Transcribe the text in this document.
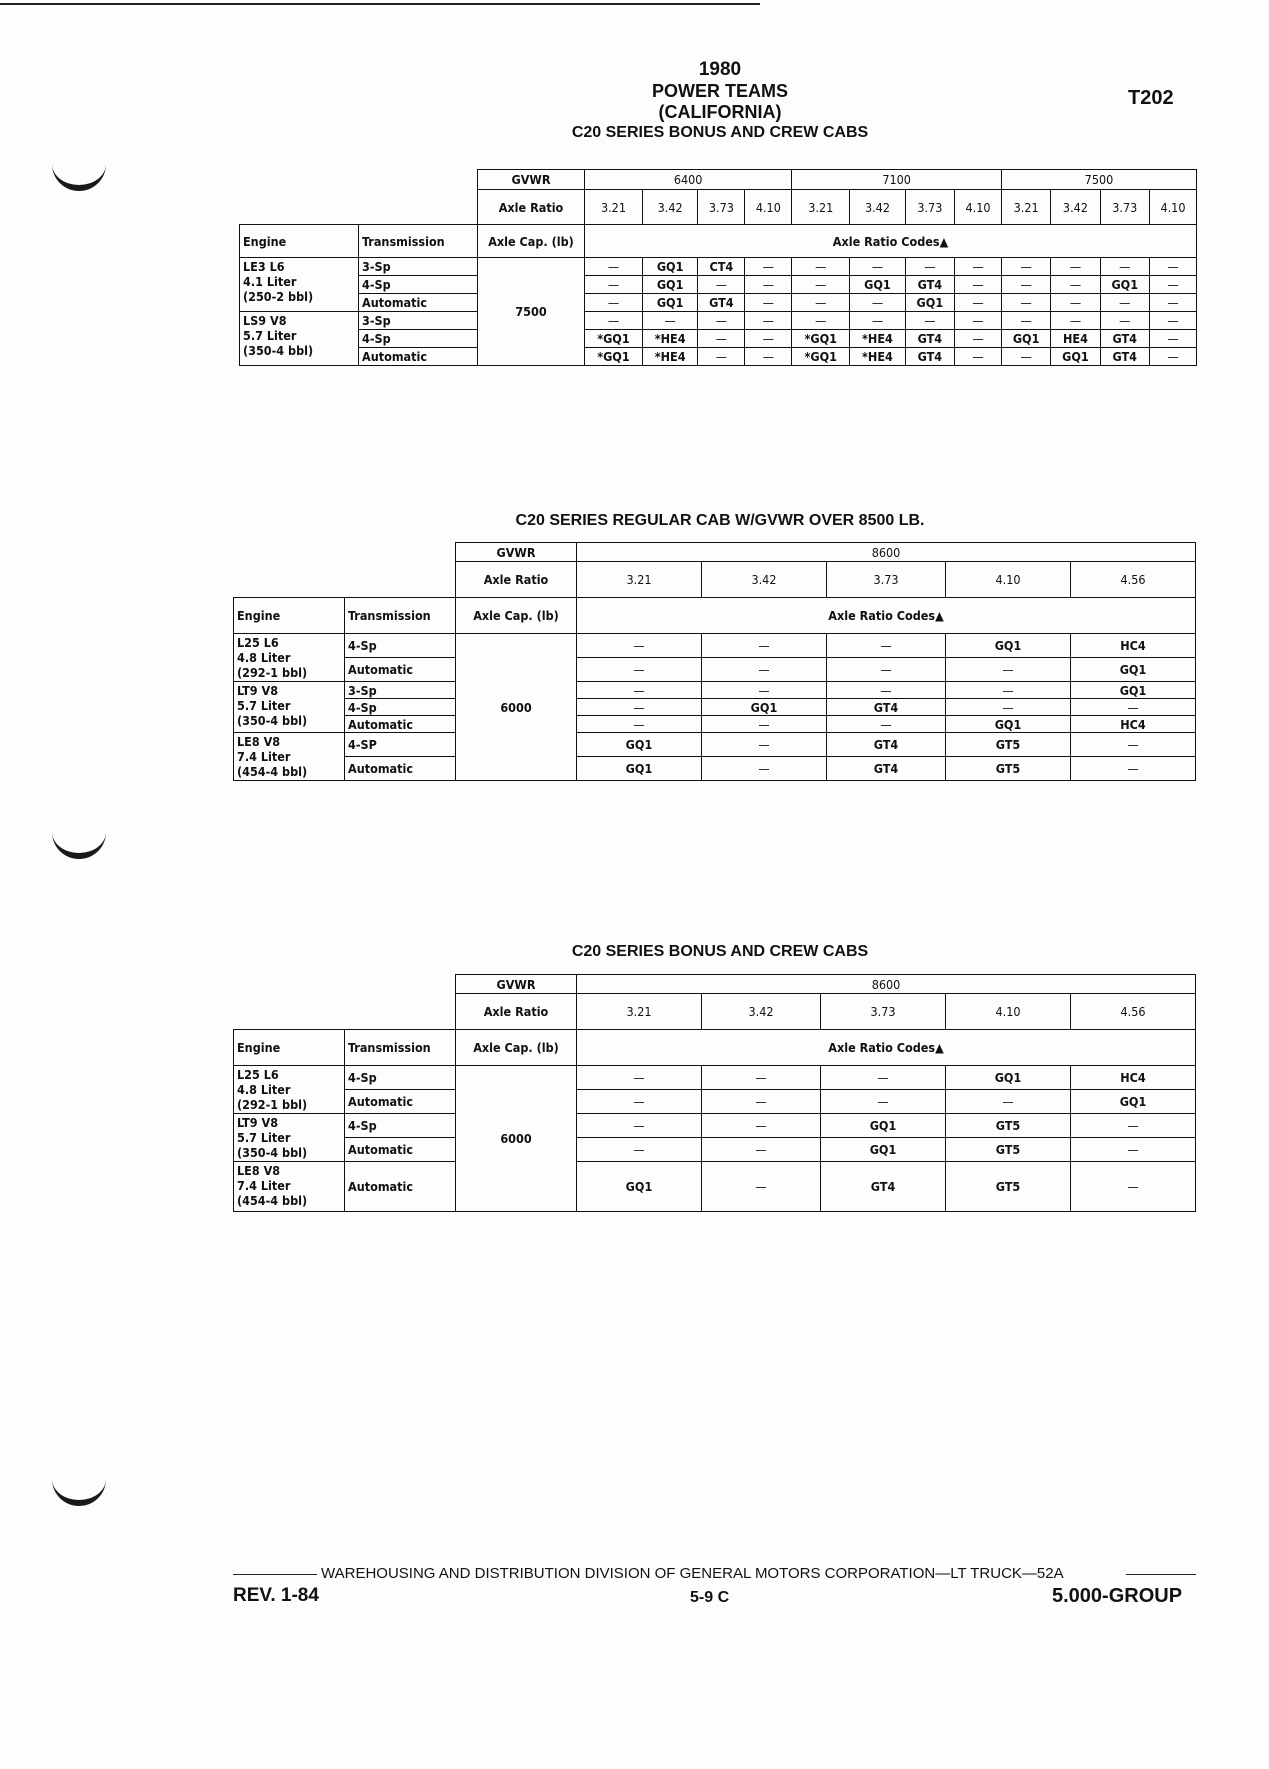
1980
POWER TEAMS
(CALIFORNIA)
C20 SERIES BONUS AND CREW CABS
T202
		GVWR	6400				7100				7500			
		Axle Ratio	3.21	3.42	3.73	4.10	3.21	3.42	3.73	4.10	3.21	3.42	3.73	4.10
Engine	Transmission	Axle Cap. (lb)	Axle Ratio Codes▲											

LE3 L6
4.1 Liter
(250-2 bbl)	3-Sp	7500	—	GQ1	CT4	—	—	—	—	—	—	—	—	—
	4-Sp		—	GQ1	—	—	—	GQ1	GT4	—	—	—	GQ1	—
	Automatic		—	GQ1	GT4	—	—	—	GQ1	—	—	—	—	—

LS9 V8
5.7 Liter
(350-4 bbl)	3-Sp		—	—	—	—	—	—	—	—	—	—	—	—
	4-Sp		*GQ1	*HE4	—	—	*GQ1	*HE4	GT4	—	GQ1	HE4	GT4	—
	Automatic		*GQ1	*HE4	—	—	*GQ1	*HE4	GT4	—	—	GQ1	GT4	—
C20 SERIES REGULAR CAB W/GVWR OVER 8500 LB.
		GVWR	8600				
		Axle Ratio	3.21	3.42	3.73	4.10	4.56
Engine	Transmission	Axle Cap. (lb)	Axle Ratio Codes▲				

L25 L6
4.8 Liter
(292-1 bbl)	4-Sp	6000	—	—	—	GQ1	HC4
	Automatic		—	—	—	—	GQ1

LT9 V8
5.7 Liter
(350-4 bbl)	3-Sp		—	—	—	—	GQ1
	4-Sp		—	GQ1	GT4	—	—
	Automatic		—	—	—	GQ1	HC4

LE8 V8
7.4 Liter
(454-4 bbl)	4-SP		GQ1	—	GT4	GT5	—
	Automatic		GQ1	—	GT4	GT5	—
C20 SERIES BONUS AND CREW CABS
		GVWR	8600				
		Axle Ratio	3.21	3.42	3.73	4.10	4.56
Engine	Transmission	Axle Cap. (lb)	Axle Ratio Codes▲				

L25 L6
4.8 Liter
(292-1 bbl)	4-Sp	6000	—	—	—	GQ1	HC4
	Automatic		—	—	—	—	GQ1

LT9 V8
5.7 Liter
(350-4 bbl)	4-Sp		—	—	GQ1	GT5	—
	Automatic		—	—	GQ1	GT5	—

LE8 V8
7.4 Liter
(454-4 bbl)	Automatic		GQ1	—	GT4	GT5	—
WAREHOUSING AND DISTRIBUTION DIVISION OF GENERAL MOTORS CORPORATION—LT TRUCK—52A
REV. 1-84	5-9 C	5.000-GROUP
